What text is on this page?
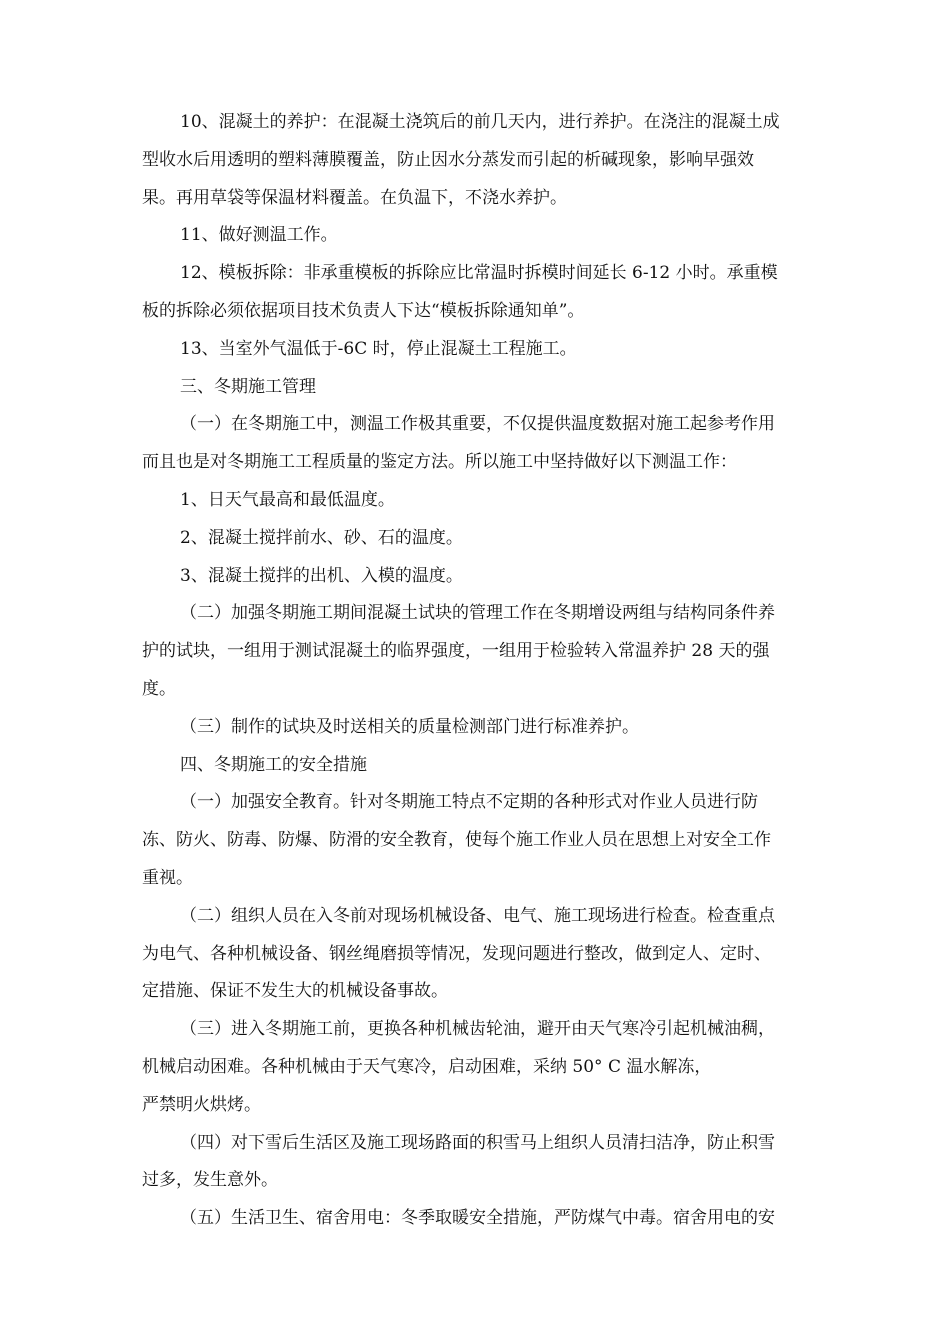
10、混凝土的养护：在混凝土浇筑后的前几天内，进行养护。在浇注的混凝土成

型收水后用透明的塑料薄膜覆盖，防止因水分蒸发而引起的析碱现象，影响早强效

果。再用草袋等保温材料覆盖。在负温下，不浇水养护。

11、做好测温工作。

12、模板拆除：非承重模板的拆除应比常温时拆模时间延长 6-12 小时。承重模

板的拆除必须依据项目技术负责人下达“模板拆除通知单”。

13、当室外气温低于-6C 时，停止混凝土工程施工。

三、冬期施工管理

（一）在冬期施工中，测温工作极其重要，不仅提供温度数据对施工起参考作用

而且也是对冬期施工工程质量的鉴定方法。所以施工中坚持做好以下测温工作：

1、日天气最高和最低温度。

2、混凝土搅拌前水、砂、石的温度。

3、混凝土搅拌的出机、入模的温度。

（二）加强冬期施工期间混凝土试块的管理工作在冬期增设两组与结构同条件养

护的试块，一组用于测试混凝土的临界强度，一组用于检验转入常温养护 28 天的强

度。

（三）制作的试块及时送相关的质量检测部门进行标准养护。

四、冬期施工的安全措施

（一）加强安全教育。针对冬期施工特点不定期的各种形式对作业人员进行防

冻、防火、防毒、防爆、防滑的安全教育，使每个施工作业人员在思想上对安全工作

重视。

（二）组织人员在入冬前对现场机械设备、电气、施工现场进行检查。检查重点

为电气、各种机械设备、钢丝绳磨损等情况，发现问题进行整改，做到定人、定时、

定措施、保证不发生大的机械设备事故。

（三）进入冬期施工前，更换各种机械齿轮油，避开由天气寒冷引起机械油稠，

机械启动困难。各种机械由于天气寒冷，启动困难，采纳 50° C 温水解冻，

严禁明火烘烤。

（四）对下雪后生活区及施工现场路面的积雪马上组织人员清扫洁净，防止积雪

过多，发生意外。

（五）生活卫生、宿舍用电：冬季取暖安全措施，严防煤气中毒。宿舍用电的安
